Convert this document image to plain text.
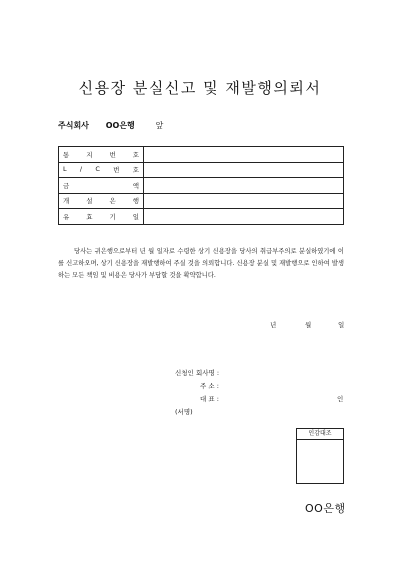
신용장 분실신고 및 재발행의뢰서
주식회사 OO은행	앞
통 지 번 호	

L / C 번 호	

금 액	

개 설 은 행	

유 효 기 일	

당사는 귀은행으로부터 년 월 일자로 수령한 상기 신용장을 당사의 취급부주의로 분실하였기에 이를 신고하오며, 상기 신용장을 재발행하여 주실 것을 의뢰합니다. 신용장 분실 및 재발행으로 인하여 발생하는 모든 책임 및 비용은 당사가 부담할 것을 확약합니다.
년	월	일
신청인 회사명 :
주 소 :
대 표 :	인
(서명)
인감대조
OO은행
